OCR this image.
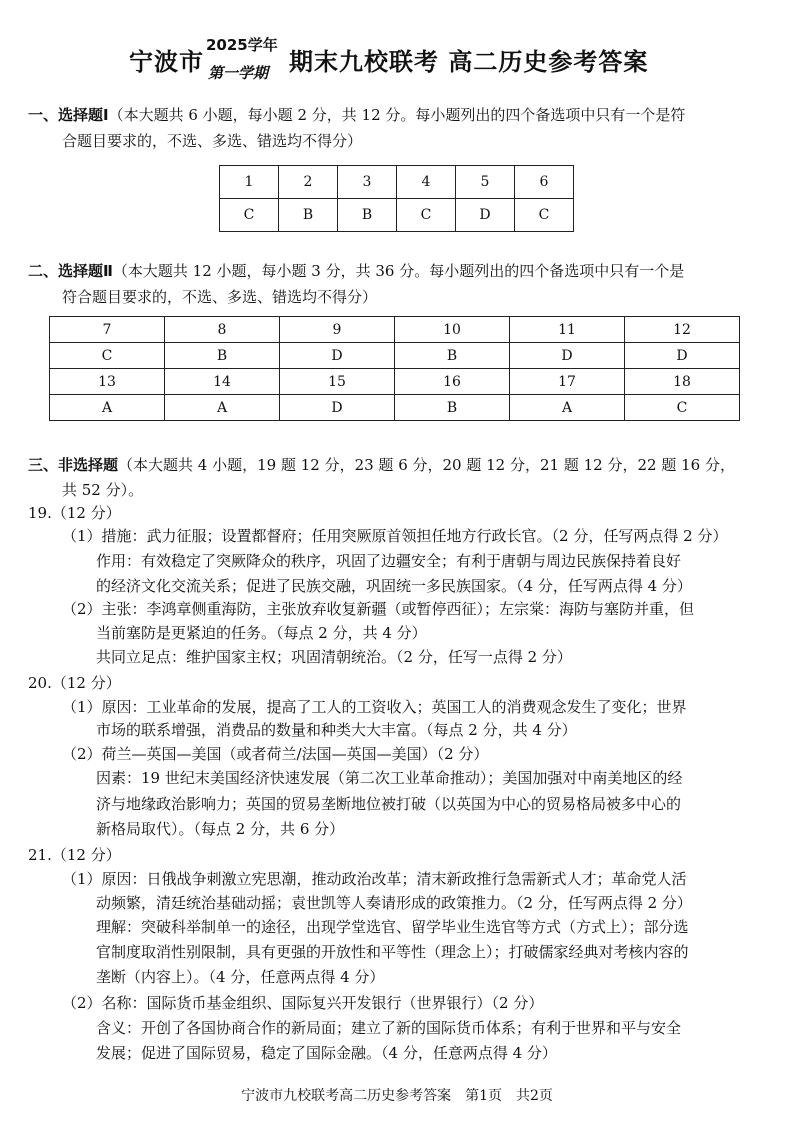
宁波市
2025学年
第一学期 期末九校联考 高二历史参考答案
一、选择题Ⅰ（本大题共 6 小题，每小题 2 分，共 12 分。每小题列出的四个备选项中只有一个是符
合题目要求的，不选、多选、错选均不得分）
1	2	3	4	5	6
C	B	B	C	D	C
二、选择题Ⅱ（本大题共 12 小题，每小题 3 分，共 36 分。每小题列出的四个备选项中只有一个是
符合题目要求的，不选、多选、错选均不得分）
7	8	9	10	11	12
C	B	D	B	D	D
13	14	15	16	17	18
A	A	D	B	A	C
三、非选择题（本大题共 4 小题，19 题 12 分，23 题 6 分，20 题 12 分，21 题 12 分，22 题 16 分，
共 52 分）。
19.（12 分）
（1）措施：武力征服；设置都督府；任用突厥原首领担任地方行政长官。（2 分，任写两点得 2 分）
作用：有效稳定了突厥降众的秩序，巩固了边疆安全；有利于唐朝与周边民族保持着良好
的经济文化交流关系；促进了民族交融，巩固统一多民族国家。（4 分，任写两点得 4 分）
（2）主张：李鸿章侧重海防，主张放弃收复新疆（或暂停西征）；左宗棠：海防与塞防并重，但
当前塞防是更紧迫的任务。（每点 2 分，共 4 分）
共同立足点：维护国家主权；巩固清朝统治。（2 分，任写一点得 2 分）
20.（12 分）
（1）原因：工业革命的发展，提高了工人的工资收入；英国工人的消费观念发生了变化；世界
市场的联系增强，消费品的数量和种类大大丰富。（每点 2 分，共 4 分）
（2）荷兰—英国—美国（或者荷兰/法国—英国—美国）（2 分）
因素：19 世纪末美国经济快速发展（第二次工业革命推动）；美国加强对中南美地区的经
济与地缘政治影响力；英国的贸易垄断地位被打破（以英国为中心的贸易格局被多中心的
新格局取代）。（每点 2 分，共 6 分）
21.（12 分）
（1）原因：日俄战争刺激立宪思潮，推动政治改革；清末新政推行急需新式人才；革命党人活
动频繁，清廷统治基础动摇；袁世凯等人奏请形成的政策推力。（2 分，任写两点得 2 分）
理解：突破科举制单一的途径，出现学堂选官、留学毕业生选官等方式（方式上）；部分选
官制度取消性别限制，具有更强的开放性和平等性（理念上）；打破儒家经典对考核内容的
垄断（内容上）。（4 分，任意两点得 4 分）
（2）名称：国际货币基金组织、国际复兴开发银行（世界银行）（2 分）
含义：开创了各国协商合作的新局面；建立了新的国际货币体系；有利于世界和平与安全
发展；促进了国际贸易，稳定了国际金融。（4 分，任意两点得 4 分）
宁波市九校联考高二历史参考答案　第1页　共2页
